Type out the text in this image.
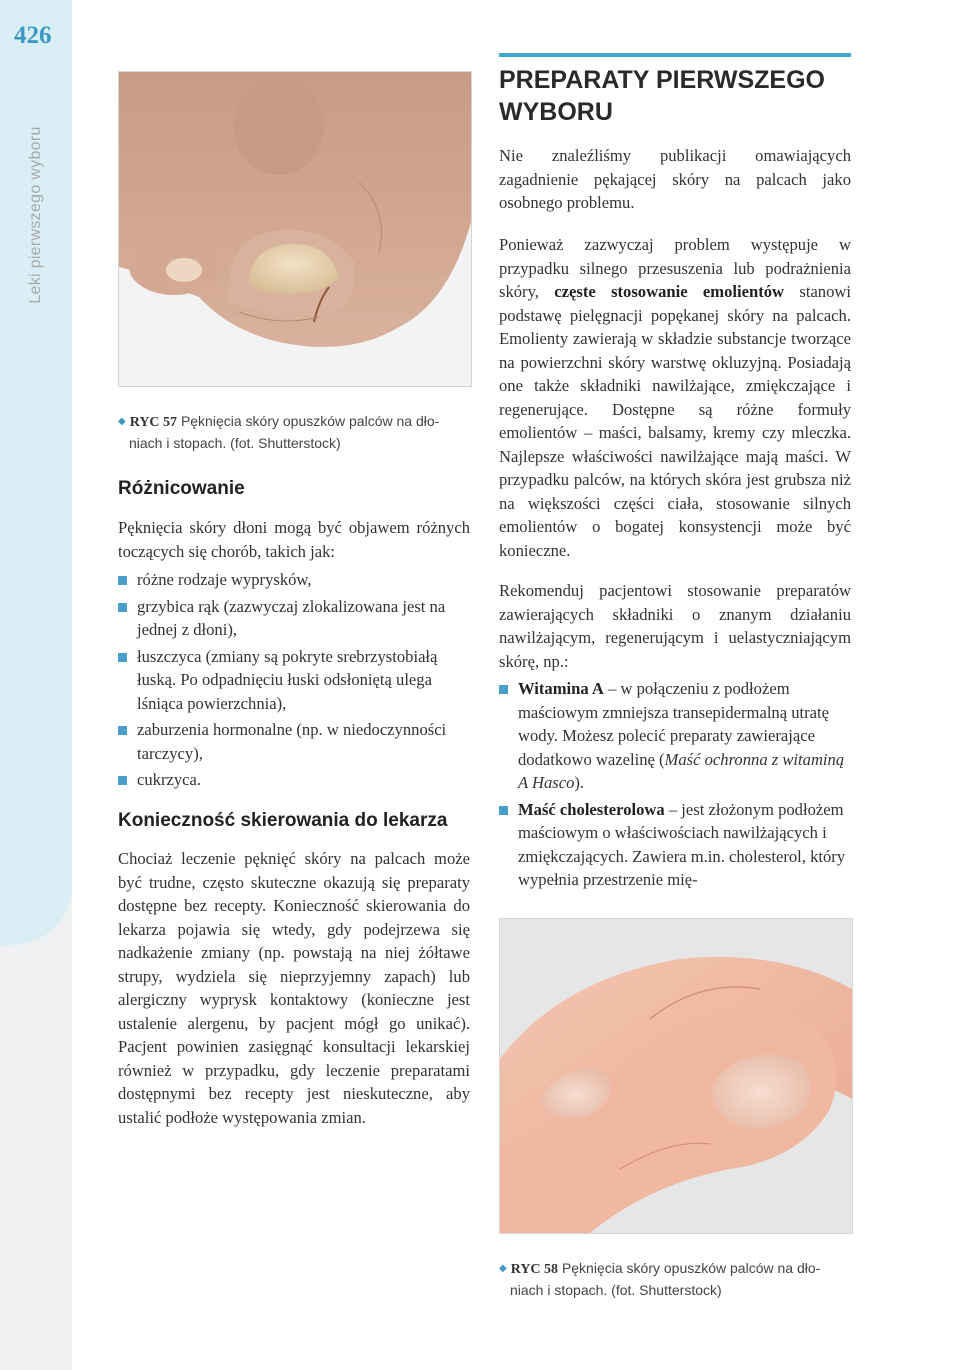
426
Leki pierwszego wyboru
◆ RYC 57 Pęknięcia skóry opuszków palców na dło-
niach i stopach. (fot. Shutterstock)
Różnicowanie

Pęknięcia skóry dłoni mogą być objawem różnych toczących się chorób, takich jak:

różne rodzaje wyprysków,
grzybica rąk (zazwyczaj zlokalizowana jest na jednej z dłoni),
łuszczyca (zmiany są pokryte srebrzystobiałą łuską. Po odpadnięciu łuski odsłoniętą ulega lśniąca powierzchnia),
zaburzenia hormonalne (np. w niedoczynności tarczycy),
cukrzyca.
Konieczność skierowania do lekarza

Chociaż leczenie pęknięć skóry na palcach może być trudne, często skuteczne okazują się preparaty dostępne bez recepty. Konieczność skierowania do lekarza pojawia się wtedy, gdy podejrzewa się nadkażenie zmiany (np. powstają na niej żółtawe strupy, wydziela się nieprzyjemny zapach) lub alergiczny wyprysk kontaktowy (konieczne jest ustalenie alergenu, by pacjent mógł go unikać). Pacjent powinien zasięgnąć konsultacji lekarskiej również w przypadku, gdy leczenie preparatami dostępnymi bez recepty jest nieskuteczne, aby ustalić podłoże występowania zmian.

PREPARATY PIERWSZEGO WYBORU

Nie znaleźliśmy publikacji omawiających zagadnienie pękającej skóry na palcach jako osobnego problemu.

Ponieważ zazwyczaj problem występuje w przypadku silnego przesuszenia lub podrażnienia skóry, częste stosowanie emolientów stanowi podstawę pielęgnacji popękanej skóry na palcach. Emolienty zawierają w składzie substancje tworzące na powierzchni skóry warstwę okluzyjną. Posiadają one także składniki nawilżające, zmiękczające i regenerujące. Dostępne są różne formuły emolientów – maści, balsamy, kremy czy mleczka. Najlepsze właściwości nawilżające mają maści. W przypadku palców, na których skóra jest grubsza niż na większości części ciała, stosowanie silnych emolientów o bogatej konsystencji może być konieczne.

Rekomenduj pacjentowi stosowanie preparatów zawierających składniki o znanym działaniu nawilżającym, regenerującym i uelastyczniającym skórę, np.:

Witamina A – w połączeniu z podłożem maściowym zmniejsza transepidermalną utratę wody. Możesz polecić preparaty zawierające dodatkowo wazelinę (Maść ochronna z witaminą A Hasco).
Maść cholesterolowa – jest złożonym podłożem maściowym o właściwościach nawilżających i zmiękczających. Zawiera m.in. cholesterol, który wypełnia przestrzenie mię-
◆ RYC 58 Pęknięcia skóry opuszków palców na dło-
niach i stopach. (fot. Shutterstock)
